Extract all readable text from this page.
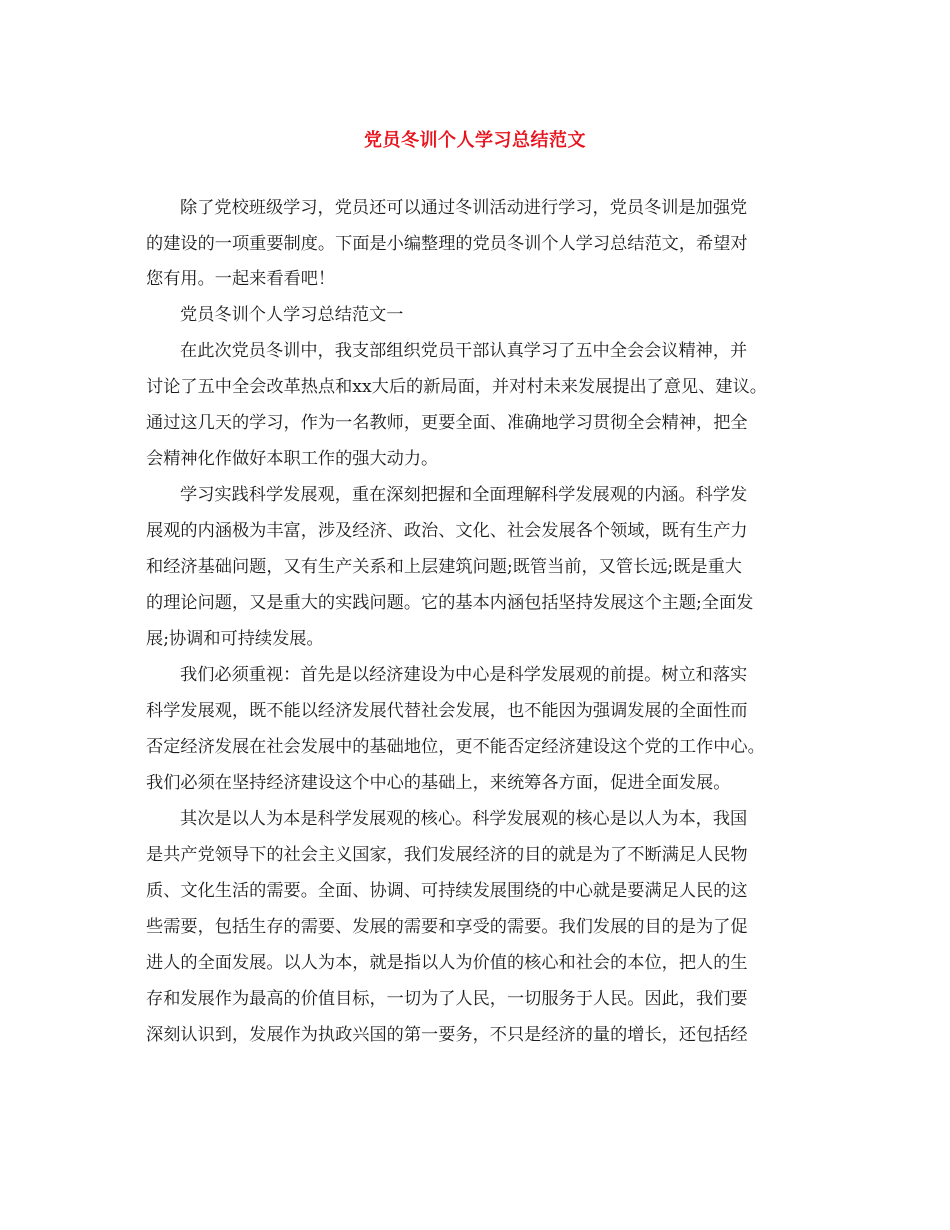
党员冬训个人学习总结范文
除了党校班级学习，党员还可以通过冬训活动进行学习，党员冬训是加强党
的建设的一项重要制度。下面是小编整理的党员冬训个人学习总结范文，希望对
您有用。一起来看看吧！
党员冬训个人学习总结范文一
在此次党员冬训中，我支部组织党员干部认真学习了五中全会会议精神，并
讨论了五中全会改革热点和xx大后的新局面，并对村未来发展提出了意见、建议。
通过这几天的学习，作为一名教师，更要全面、准确地学习贯彻全会精神，把全
会精神化作做好本职工作的强大动力。
学习实践科学发展观，重在深刻把握和全面理解科学发展观的内涵。科学发
展观的内涵极为丰富，涉及经济、政治、文化、社会发展各个领域，既有生产力
和经济基础问题，又有生产关系和上层建筑问题;既管当前，又管长远;既是重大
的理论问题，又是重大的实践问题。它的基本内涵包括坚持发展这个主题;全面发
展;协调和可持续发展。
我们必须重视：首先是以经济建设为中心是科学发展观的前提。树立和落实
科学发展观，既不能以经济发展代替社会发展，也不能因为强调发展的全面性而
否定经济发展在社会发展中的基础地位，更不能否定经济建设这个党的工作中心。
我们必须在坚持经济建设这个中心的基础上，来统筹各方面，促进全面发展。
其次是以人为本是科学发展观的核心。科学发展观的核心是以人为本，我国
是共产党领导下的社会主义国家，我们发展经济的目的就是为了不断满足人民物
质、文化生活的需要。全面、协调、可持续发展围绕的中心就是要满足人民的这
些需要，包括生存的需要、发展的需要和享受的需要。我们发展的目的是为了促
进人的全面发展。以人为本，就是指以人为价值的核心和社会的本位，把人的生
存和发展作为最高的价值目标，一切为了人民，一切服务于人民。因此，我们要
深刻认识到，发展作为执政兴国的第一要务，不只是经济的量的增长，还包括经
